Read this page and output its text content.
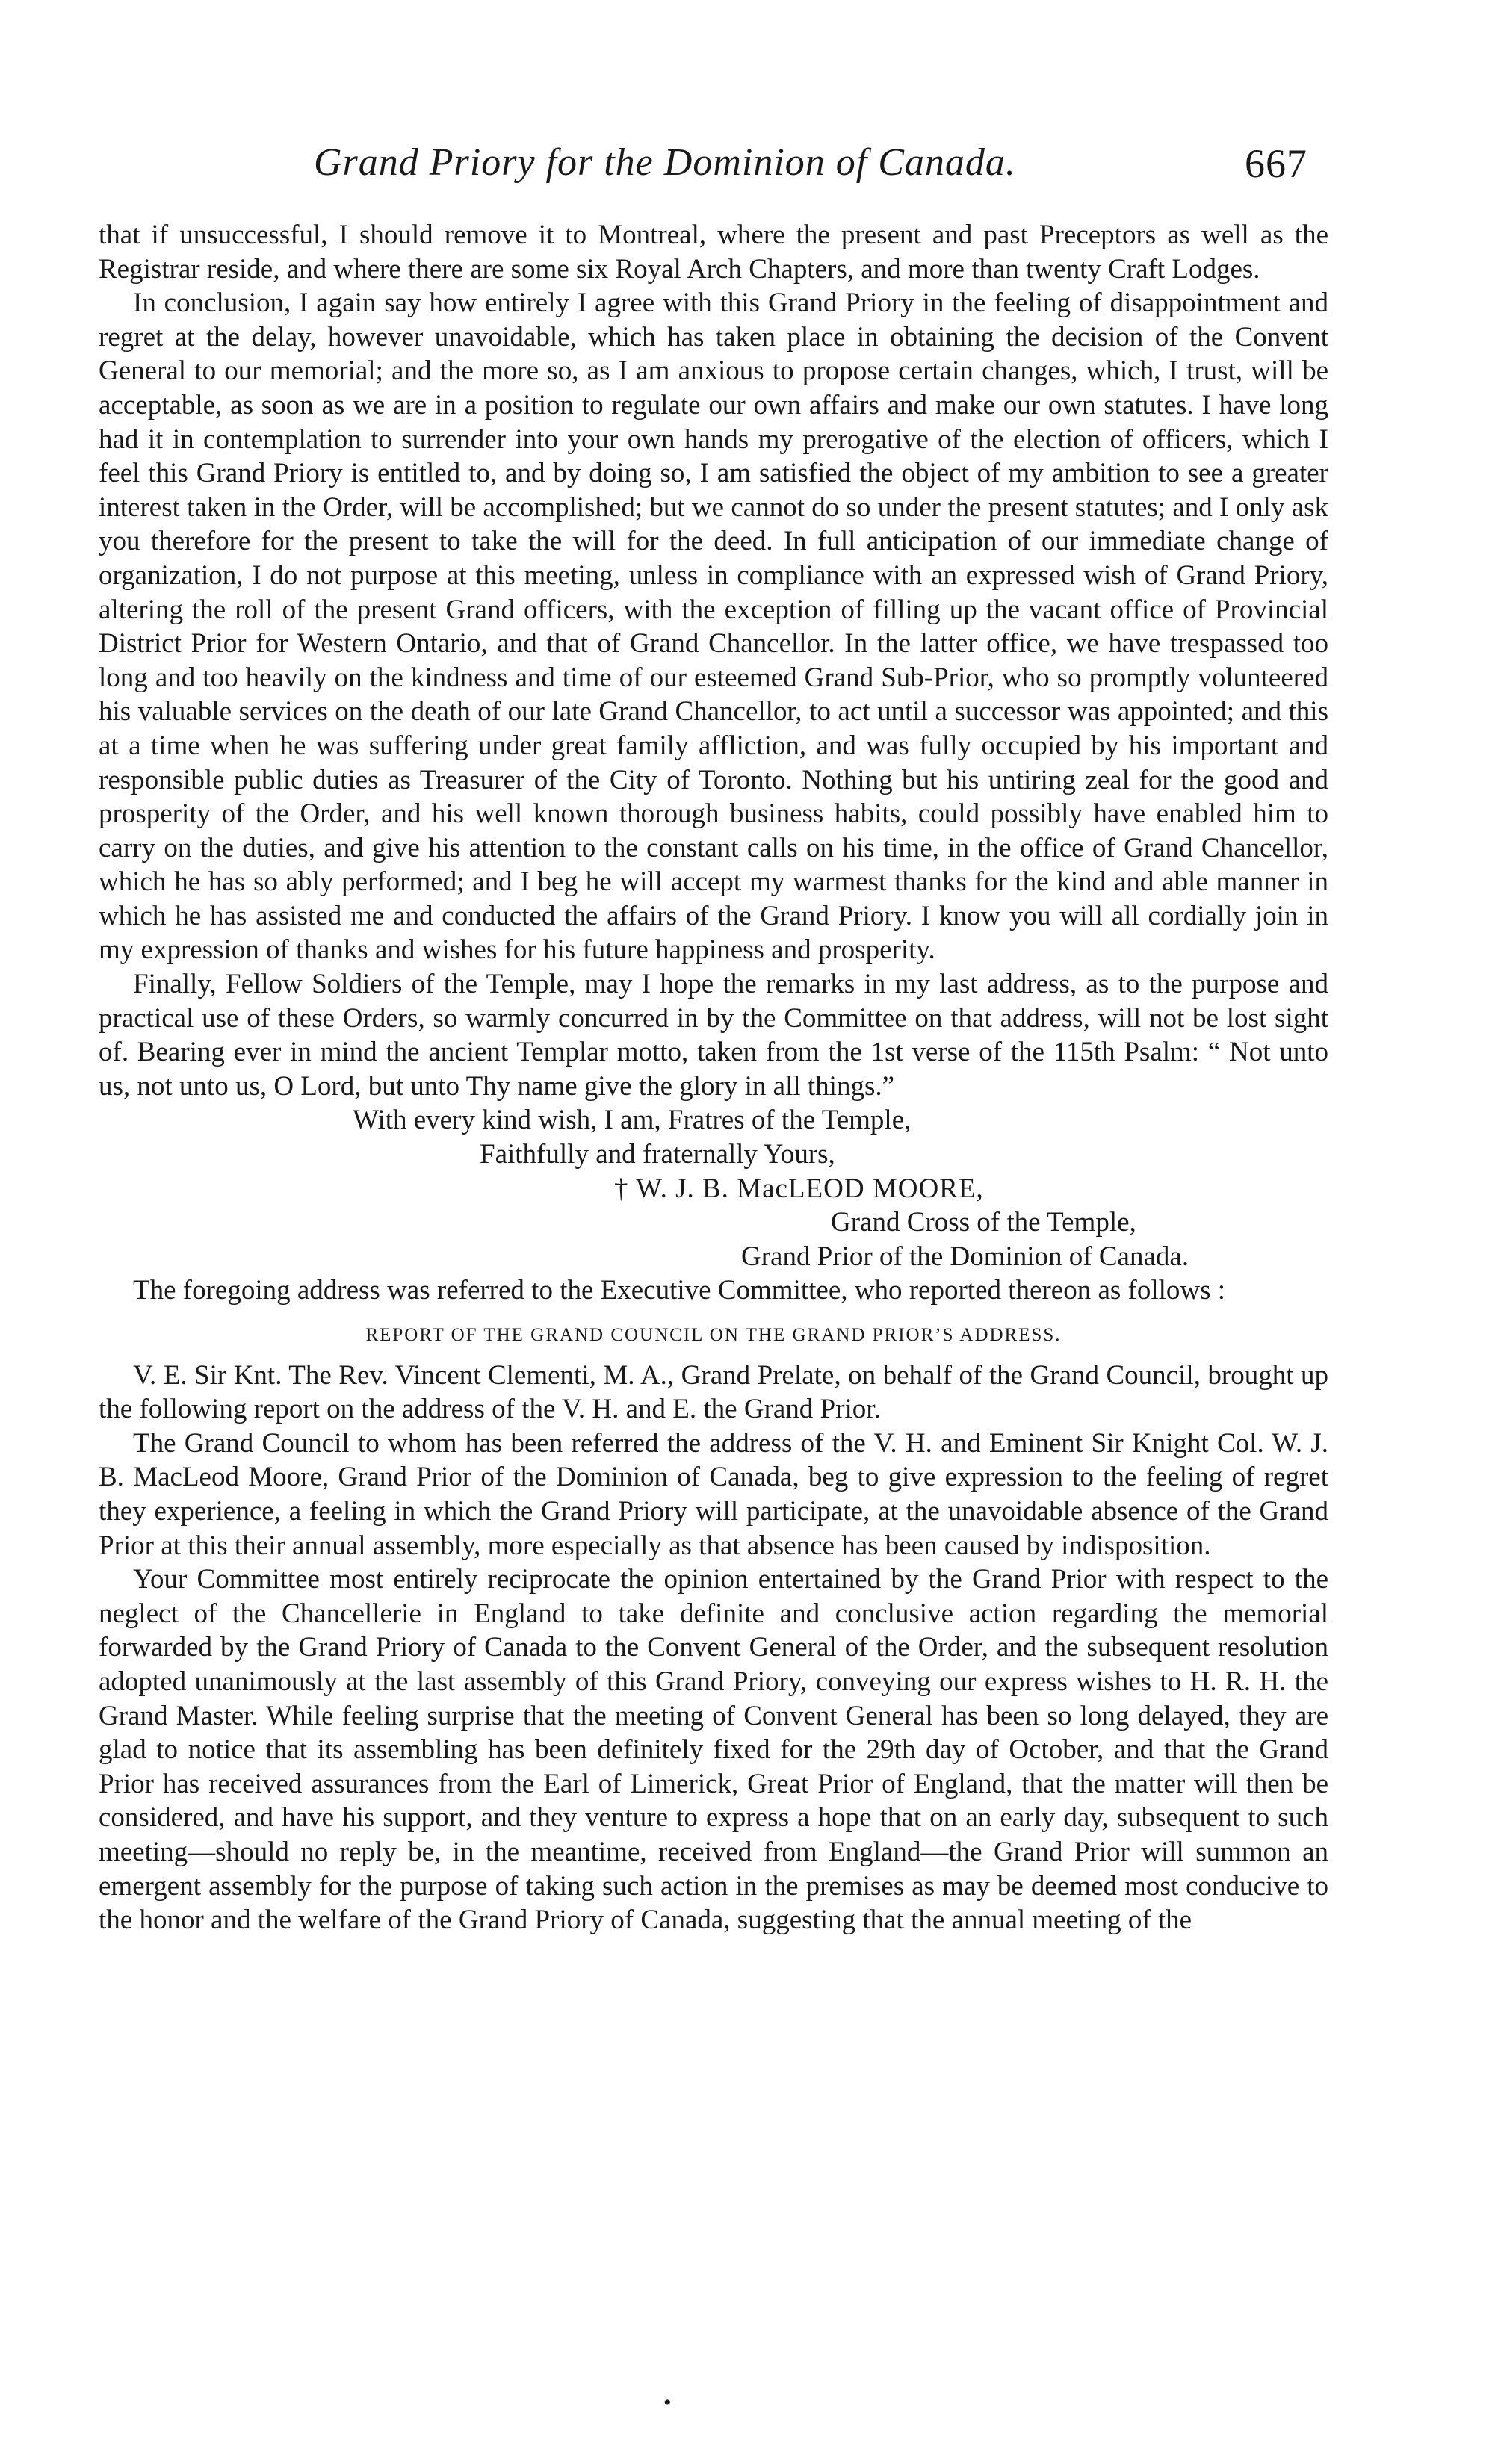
Grand Priory for the Dominion of Canada.	667

that if unsuccessful, I should remove it to Montreal, where the present and past Preceptors as well as the Registrar reside, and where there are some six Royal Arch Chapters, and more than twenty Craft Lodges.

In conclusion, I again say how entirely I agree with this Grand Priory in the feeling of disappointment and regret at the delay, however unavoidable, which has taken place in obtaining the decision of the Convent General to our memorial; and the more so, as I am anxious to propose certain changes, which, I trust, will be acceptable, as soon as we are in a position to regulate our own affairs and make our own statutes. I have long had it in contemplation to surrender into your own hands my prerogative of the election of officers, which I feel this Grand Priory is entitled to, and by doing so, I am satisfied the object of my ambition to see a greater interest taken in the Order, will be accomplished; but we cannot do so under the present statutes; and I only ask you therefore for the present to take the will for the deed. In full anticipation of our immediate change of organization, I do not purpose at this meeting, unless in compliance with an expressed wish of Grand Priory, altering the roll of the present Grand officers, with the exception of filling up the vacant office of Provincial District Prior for Western Ontario, and that of Grand Chancellor. In the latter office, we have trespassed too long and too heavily on the kindness and time of our esteemed Grand Sub-Prior, who so promptly volunteered his valuable services on the death of our late Grand Chancellor, to act until a successor was appointed; and this at a time when he was suffering under great family affliction, and was fully occupied by his important and responsible public duties as Treasurer of the City of Toronto. Nothing but his untiring zeal for the good and prosperity of the Order, and his well known thorough business habits, could possibly have enabled him to carry on the duties, and give his attention to the constant calls on his time, in the office of Grand Chancellor, which he has so ably performed; and I beg he will accept my warmest thanks for the kind and able manner in which he has assisted me and conducted the affairs of the Grand Priory. I know you will all cordially join in my expression of thanks and wishes for his future happiness and prosperity.

Finally, Fellow Soldiers of the Temple, may I hope the remarks in my last address, as to the purpose and practical use of these Orders, so warmly concurred in by the Committee on that address, will not be lost sight of. Bearing ever in mind the ancient Templar motto, taken from the 1st verse of the 115th Psalm: “ Not unto us, not unto us, O Lord, but unto Thy name give the glory in all things.”

With every kind wish, I am, Fratres of the Temple,
Faithfully and fraternally Yours,
† W. J. B. MacLEOD MOORE,
Grand Cross of the Temple,
Grand Prior of the Dominion of Canada.

The foregoing address was referred to the Executive Committee, who reported thereon as follows :

REPORT OF THE GRAND COUNCIL ON THE GRAND PRIOR’S ADDRESS.

V. E. Sir Knt. The Rev. Vincent Clementi, M. A., Grand Prelate, on behalf of the Grand Council, brought up the following report on the address of the V. H. and E. the Grand Prior.

The Grand Council to whom has been referred the address of the V. H. and Eminent Sir Knight Col. W. J. B. MacLeod Moore, Grand Prior of the Dominion of Canada, beg to give expression to the feeling of regret they experience, a feeling in which the Grand Priory will participate, at the unavoidable absence of the Grand Prior at this their annual assembly, more especially as that absence has been caused by indisposition.

Your Committee most entirely reciprocate the opinion entertained by the Grand Prior with respect to the neglect of the Chancellerie in England to take definite and conclusive action regarding the memorial forwarded by the Grand Priory of Canada to the Convent General of the Order, and the subsequent resolution adopted unanimously at the last assembly of this Grand Priory, conveying our express wishes to H. R. H. the Grand Master. While feeling surprise that the meeting of Convent General has been so long delayed, they are glad to notice that its assembling has been definitely fixed for the 29th day of October, and that the Grand Prior has received assurances from the Earl of Limerick, Great Prior of England, that the matter will then be considered, and have his support, and they venture to express a hope that on an early day, subsequent to such meeting—should no reply be, in the meantime, received from England—the Grand Prior will summon an emergent assembly for the purpose of taking such action in the premises as may be deemed most conducive to the honor and the welfare of the Grand Priory of Canada, suggesting that the annual meeting of the

•
